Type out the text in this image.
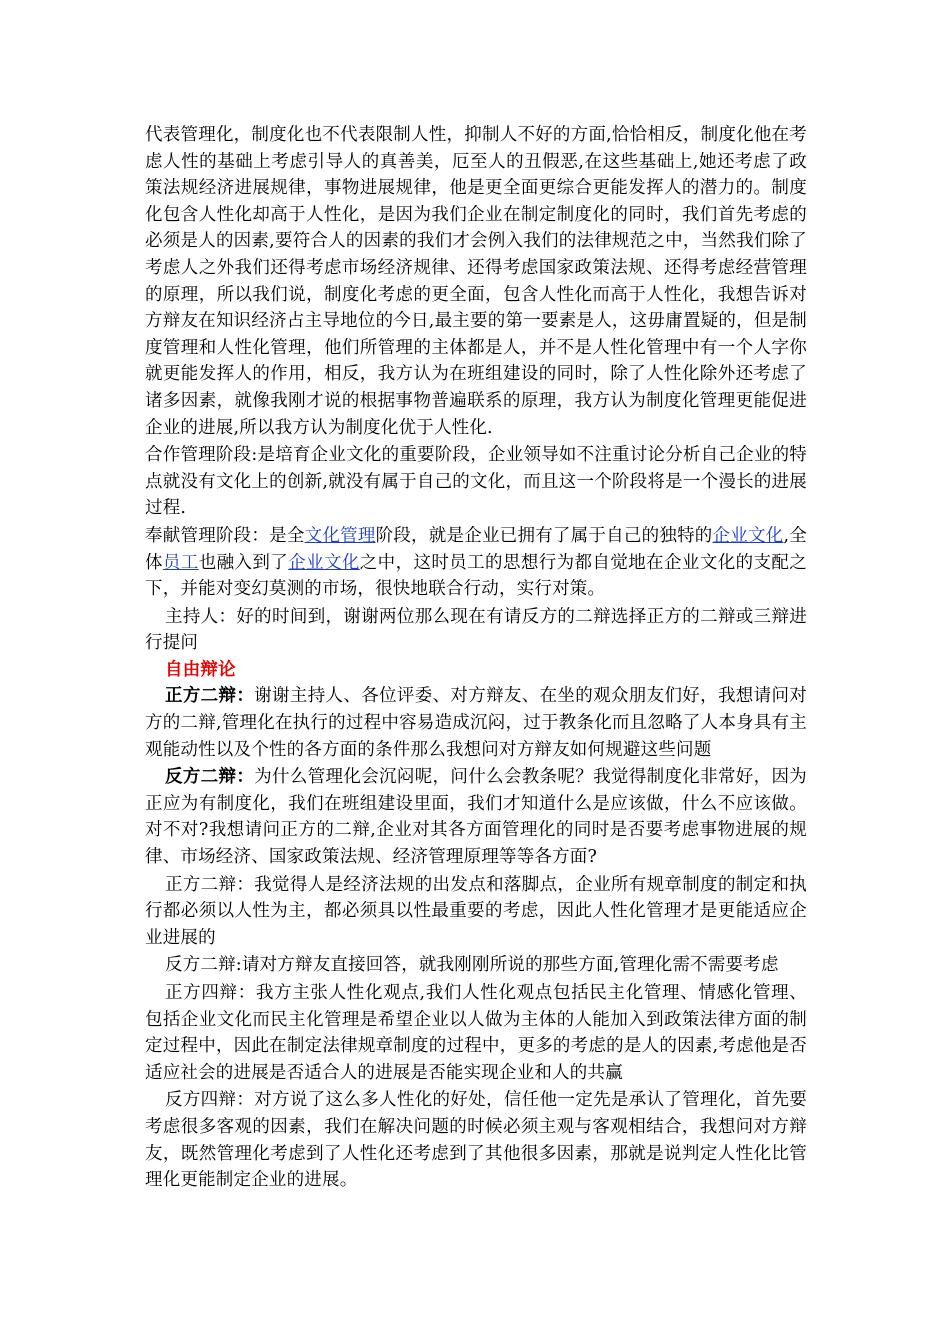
代表管理化，制度化也不代表限制人性，抑制人不好的方面,恰恰相反，制度化他在考虑人性的基础上考虑引导人的真善美，厄至人的丑假恶,在这些基础上,她还考虑了政策法规经济进展规律，事物进展规律，他是更全面更综合更能发挥人的潜力的。制度化包含人性化却高于人性化，是因为我们企业在制定制度化的同时，我们首先考虑的必须是人的因素,要符合人的因素的我们才会例入我们的法律规范之中，当然我们除了考虑人之外我们还得考虑市场经济规律、还得考虑国家政策法规、还得考虑经营管理的原理，所以我们说，制度化考虑的更全面，包含人性化而高于人性化，我想告诉对方辩友在知识经济占主导地位的今日,最主要的第一要素是人，这毋庸置疑的，但是制度管理和人性化管理，他们所管理的主体都是人，并不是人性化管理中有一个人字你就更能发挥人的作用，相反，我方认为在班组建设的同时，除了人性化除外还考虑了诸多因素，就像我刚才说的根据事物普遍联系的原理，我方认为制度化管理更能促进企业的进展,所以我方认为制度化优于人性化.

合作管理阶段:是培育企业文化的重要阶段，企业领导如不注重讨论分析自己企业的特点就没有文化上的创新,就没有属于自己的文化，而且这一个阶段将是一个漫长的进展过程.

奉献管理阶段：是全文化管理阶段，就是企业已拥有了属于自己的独特的企业文化,全体员工也融入到了企业文化之中，这时员工的思想行为都自觉地在企业文化的支配之下，并能对变幻莫测的市场，很快地联合行动，实行对策。

主持人：好的时间到，谢谢两位那么现在有请反方的二辩选择正方的二辩或三辩进行提问

自由辩论

正方二辩：谢谢主持人、各位评委、对方辩友、在坐的观众朋友们好，我想请问对方的二辩,管理化在执行的过程中容易造成沉闷，过于教条化而且忽略了人本身具有主观能动性以及个性的各方面的条件那么我想问对方辩友如何规避这些问题

反方二辩：为什么管理化会沉闷呢，问什么会教条呢？我觉得制度化非常好，因为正应为有制度化，我们在班组建设里面，我们才知道什么是应该做，什么不应该做。对不对?我想请问正方的二辩,企业对其各方面管理化的同时是否要考虑事物进展的规律、市场经济、国家政策法规、经济管理原理等等各方面?

正方二辩：我觉得人是经济法规的出发点和落脚点，企业所有规章制度的制定和执行都必须以人性为主，都必须具以性最重要的考虑，因此人性化管理才是更能适应企业进展的

反方二辩:请对方辩友直接回答，就我刚刚所说的那些方面,管理化需不需要考虑

正方四辩：我方主张人性化观点,我们人性化观点包括民主化管理、情感化管理、包括企业文化而民主化管理是希望企业以人做为主体的人能加入到政策法律方面的制定过程中，因此在制定法律规章制度的过程中，更多的考虑的是人的因素,考虑他是否适应社会的进展是否适合人的进展是否能实现企业和人的共赢

反方四辩：对方说了这么多人性化的好处，信任他一定先是承认了管理化，首先要考虑很多客观的因素，我们在解决问题的时候必须主观与客观相结合，我想问对方辩友，既然管理化考虑到了人性化还考虑到了其他很多因素，那就是说判定人性化比管理化更能制定企业的进展。
